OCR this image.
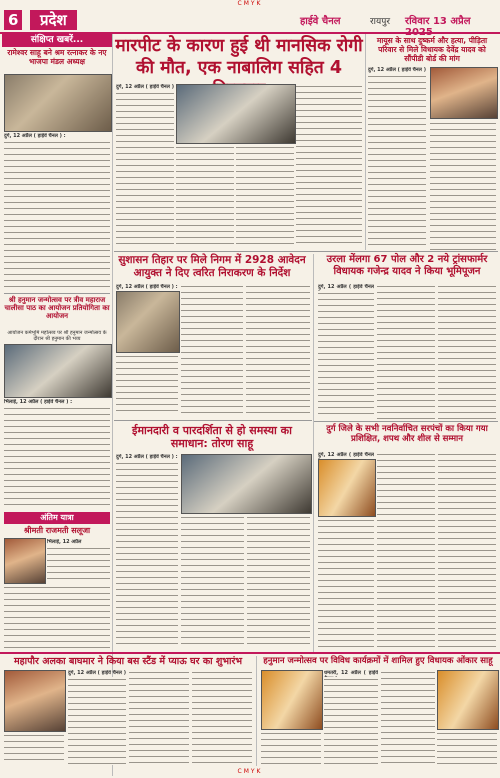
CMYK
6	प्रदेश	हाईवे चैनल	रायपुर रविवार 13 अप्रैल 2025
संक्षिप्त खबरें...
रामेश्वर साहू बने श्रम रत्नाकर के नए भाजपा मंडल अध्यक्ष
दुर्ग, 12 अप्रैल ( हाईवे चैनल ) :
श्री हनुमान जन्मोत्सव पर त्रीव महाराज चालीसा पाठ का आयोजन प्रतियोगिता का आयोजन
आयोजन कर्मभूमि महोत्सव पर श्री हनुमान जन्मोत्सव के दौरान श्री हनुमान की भव्य
भिलाई, 12 अप्रैल ( हाईवे चैनल ) :
अंतिम यात्रा
श्रीमती राजमती सलूजा
भिलाई, 12 अप्रैल
मारपीट के कारण हुई थी मानसिक रोगी की मौत, एक नाबालिग सहित 4
दुर्ग, 12 अप्रैल ( हाईवे चैनल )
मायूस के साथ दुष्कर्म और हत्या, पीड़िता परिवार से मिले विधायक देवेंद्र यादव को सौंपीडी बोर्ड की मांग
दुर्ग, 12 अप्रैल ( हाईवे चैनल )
सुशासन तिहार पर मिले निगम में 2928 आवेदन आयुक्त ने दिए त्वरित निराकरण के निर्देश
दुर्ग, 12 अप्रैल ( हाईवे चैनल ) :
उरला मेंलगा 67 पोल और 2 नये ट्रांसफार्मर विधायक गजेन्द्र यादव ने किया भूमिपूजन
दुर्ग, 12 अप्रैल ( हाईवे चैनल
ईमानदारी व पारदर्शिता से हो समस्या का समाधान: तोरण साहू
दुर्ग, 12 अप्रैल ( हाईवे चैनल ) :
दुर्ग जिले के सभी नवनिर्वाचित सरपंचों का किया गया प्रशिक्षित, शपथ और शील से सम्मान
दुर्ग, 12 अप्रैल ( हाईवे चैनल
महापौर अलका बाघमार ने किया बस स्टैंड में प्याऊ घर का शुभारंभ
दुर्ग, 12 अप्रैल ( हाईवे चैनल )
हनुमान जन्मोत्सव पर विविध कार्यक्रमों में शामिल हुए विधायक ओंकार साहू
धमतरी, 12 अप्रैल ( हाईवे
CMYK
